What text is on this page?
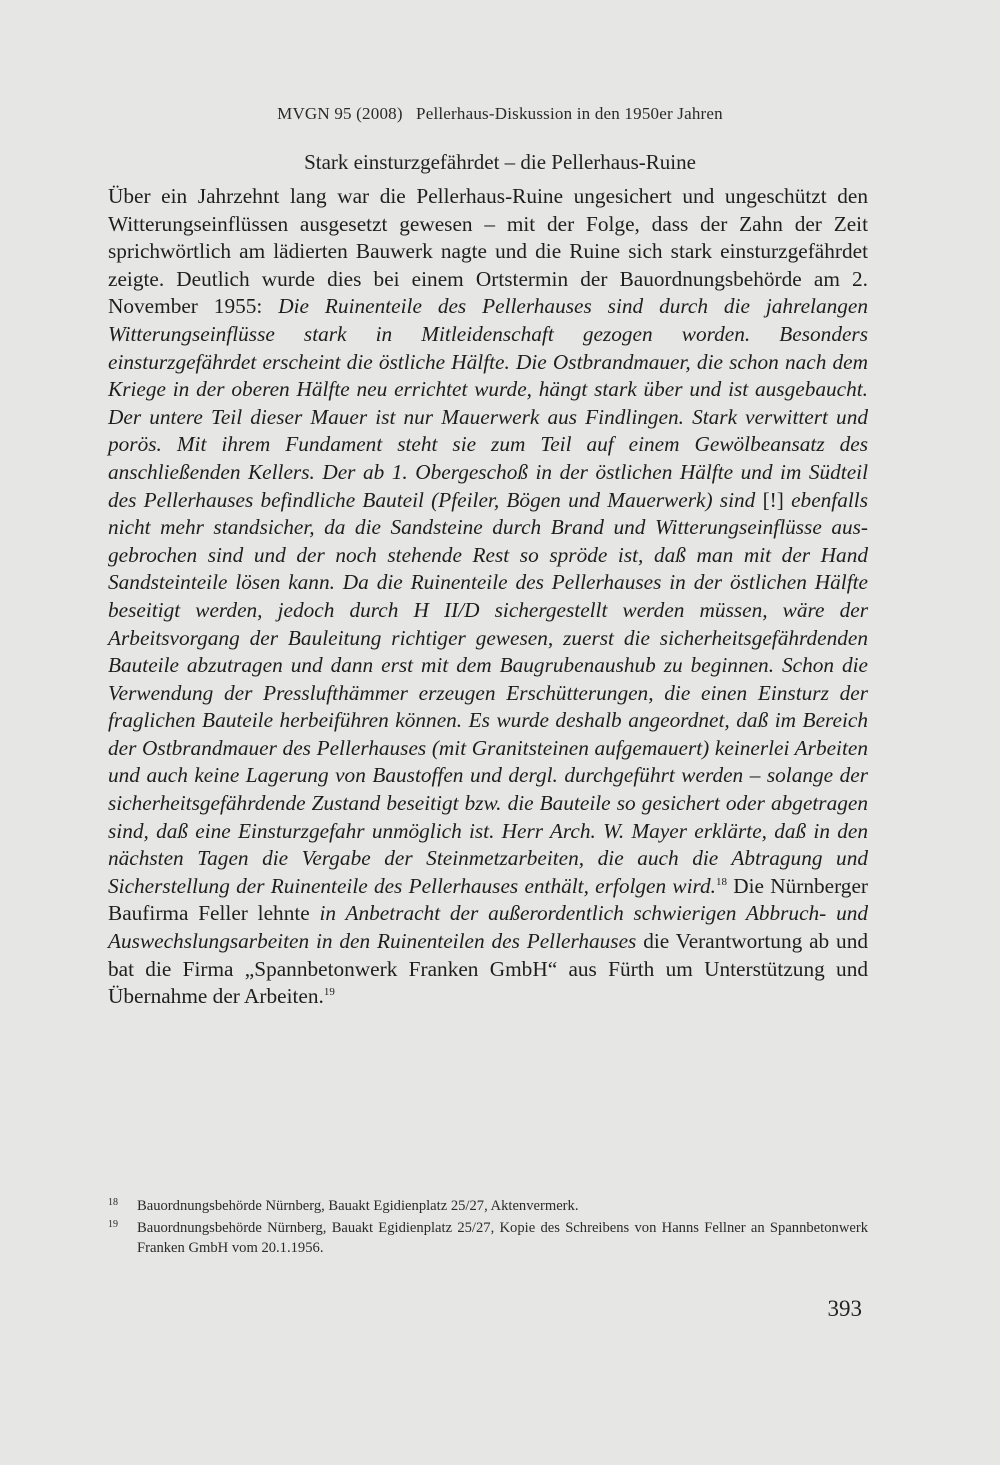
MVGN 95 (2008)   Pellerhaus-Diskussion in den 1950er Jahren
Stark einsturzgefährdet – die Pellerhaus-Ruine
Über ein Jahrzehnt lang war die Pellerhaus-Ruine ungesichert und ungeschützt den Witterungseinflüssen ausgesetzt gewesen – mit der Folge, dass der Zahn der Zeit sprichwörtlich am lädierten Bauwerk nagte und die Ruine sich stark einsturzgefährdet zeigte. Deutlich wurde dies bei einem Ortstermin der Bauordnungsbehörde am 2. November 1955: Die Ruinenteile des Pellerhauses sind durch die jahrelangen Witterungseinflüsse stark in Mitleidenschaft gezogen worden. Besonders einsturzgefährdet erscheint die östliche Hälfte. Die Ostbrandmauer, die schon nach dem Kriege in der oberen Hälfte neu errichtet wurde, hängt stark über und ist ausgebaucht. Der untere Teil dieser Mauer ist nur Mauerwerk aus Findlingen. Stark verwittert und porös. Mit ihrem Fundament steht sie zum Teil auf einem Gewölbeansatz des anschließenden Kellers. Der ab 1. Obergeschoß in der östlichen Hälfte und im Südteil des Pellerhauses befindliche Bauteil (Pfeiler, Bögen und Mauerwerk) sind [!] ebenfalls nicht mehr standsicher, da die Sandsteine durch Brand und Witterungseinflüsse ausgebrochen sind und der noch stehende Rest so spröde ist, daß man mit der Hand Sandsteinteile lösen kann. Da die Ruinenteile des Pellerhauses in der östlichen Hälfte beseitigt werden, jedoch durch H II/D sichergestellt werden müssen, wäre der Arbeitsvorgang der Bauleitung richtiger gewesen, zuerst die sicherheitsgefährdenden Bauteile abzutragen und dann erst mit dem Baugrubenaushub zu beginnen. Schon die Verwendung der Presslufthämmer erzeugen Erschütterungen, die einen Einsturz der fraglichen Bauteile herbeiführen können. Es wurde deshalb angeordnet, daß im Bereich der Ostbrandmauer des Pellerhauses (mit Granitsteinen aufgemauert) keinerlei Arbeiten und auch keine Lagerung von Baustoffen und dergl. durchgeführt werden – solange der sicherheitsgefährdende Zustand beseitigt bzw. die Bauteile so gesichert oder abgetragen sind, daß eine Einsturzgefahr unmöglich ist. Herr Arch. W. Mayer erklärte, daß in den nächsten Tagen die Vergabe der Steinmetzarbeiten, die auch die Abtragung und Sicherstellung der Ruinenteile des Pellerhauses enthält, erfolgen wird.$^{18}$ Die Nürnberger Baufirma Feller lehnte in Anbetracht der außerordentlich schwierigen Abbruch- und Auswechslungsarbeiten in den Ruinenteilen des Pellerhauses die Verantwortung ab und bat die Firma „Spannbetonwerk Franken GmbH“ aus Fürth um Unterstützung und Übernahme der Arbeiten.$^{19}$
18 Bauordnungsbehörde Nürnberg, Bauakt Egidienplatz 25/27, Aktenvermerk.
19 Bauordnungsbehörde Nürnberg, Bauakt Egidienplatz 25/27, Kopie des Schreibens von Hanns Fellner an Spannbetonwerk Franken GmbH vom 20.1.1956.
393
